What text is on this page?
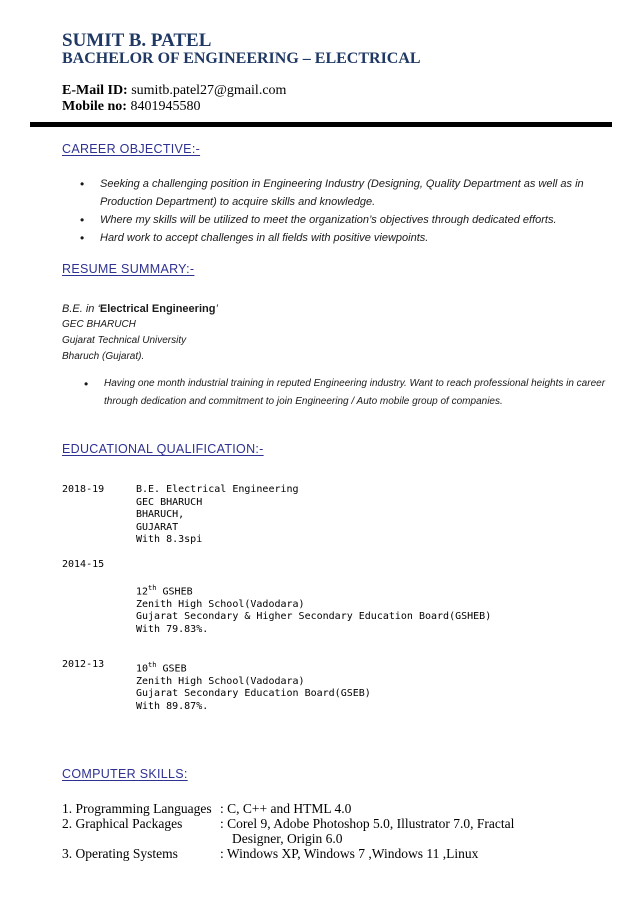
SUMIT B. PATEL
BACHELOR OF ENGINEERING – ELECTRICAL
E-Mail ID: sumitb.patel27@gmail.com
Mobile no: 8401945580
CAREER OBJECTIVE:-
• Seeking a challenging position in Engineering Industry (Designing, Quality Department as well as in Production Department) to acquire skills and knowledge.
• Where my skills will be utilized to meet the organization’s objectives through dedicated efforts.
• Hard work to accept challenges in all fields with positive viewpoints.
RESUME SUMMARY:-
B.E. in ‘Electrical Engineering’
GEC BHARUCH
Gujarat Technical University
Bharuch (Gujarat).
• Having one month industrial training in reputed Engineering industry. Want to reach professional heights in career through dedication and commitment to join Engineering / Auto mobile group of companies.
EDUCATIONAL QUALIFICATION:-
2018-19	B.E. Electrical Engineering
GEC BHARUCH
BHARUCH,
GUJARAT
With 8.3spi
2014-15
12th GSHEB
Zenith High School(Vadodara)
Gujarat Secondary & Higher Secondary Education Board(GSHEB)
With 79.83%.
2012-13	10th GSEB
Zenith High School(Vadodara)
Gujarat Secondary Education Board(GSEB)
With 89.87%.
COMPUTER SKILLS:
1. Programming Languages : C, C++ and HTML 4.0
2. Graphical Packages	: Corel 9, Adobe Photoshop 5.0, Illustrator 7.0, Fractal
Designer, Origin 6.0
3. Operating Systems	: Windows XP, Windows 7 ,Windows 11 ,Linux
